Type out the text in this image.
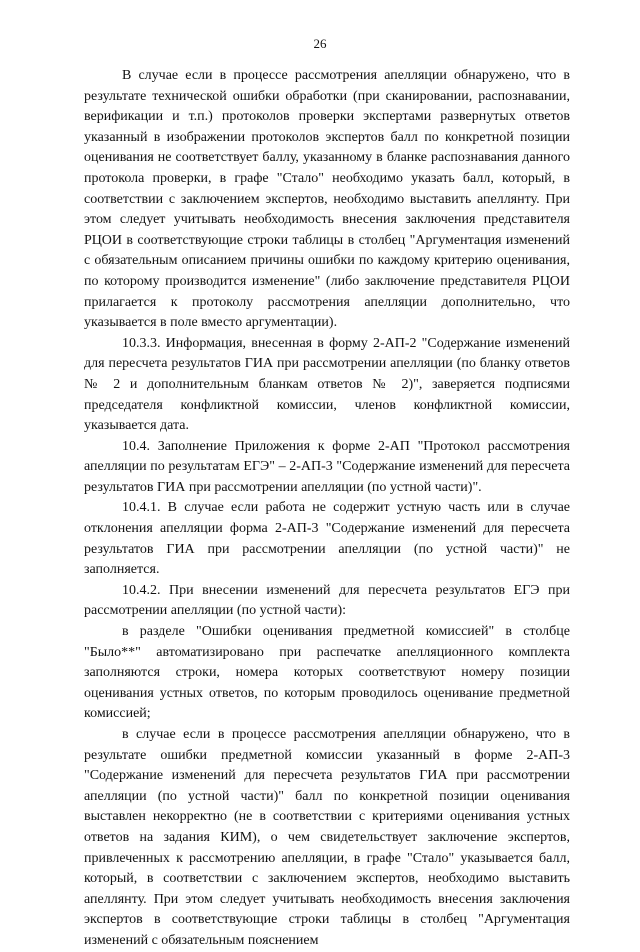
26

В случае если в процессе рассмотрения апелляции обнаружено, что в результате технической ошибки обработки (при сканировании, распознавании, верификации и т.п.) протоколов проверки экспертами развернутых ответов указанный в изображении протоколов экспертов балл по конкретной позиции оценивания не соответствует баллу, указанному в бланке распознавания данного протокола проверки, в графе "Стало" необходимо указать балл, который, в соответствии с заключением экспертов, необходимо выставить апеллянту. При этом следует учитывать необходимость внесения заключения представителя РЦОИ в соответствующие строки таблицы в столбец "Аргументация изменений с обязательным описанием причины ошибки по каждому критерию оценивания, по которому производится изменение" (либо заключение представителя РЦОИ прилагается к протоколу рассмотрения апелляции дополнительно, что указывается в поле вместо аргументации).

10.3.3. Информация, внесенная в форму 2-АП-2 "Содержание изменений для пересчета результатов ГИА при рассмотрении апелляции (по бланку ответов № 2 и дополнительным бланкам ответов № 2)", заверяется подписями председателя конфликтной комиссии, членов конфликтной комиссии, указывается дата.

10.4. Заполнение Приложения к форме 2-АП "Протокол рассмотрения апелляции по результатам ЕГЭ" – 2-АП-3 "Содержание изменений для пересчета результатов ГИА при рассмотрении апелляции (по устной части)".

10.4.1. В случае если работа не содержит устную часть или в случае отклонения апелляции форма 2-АП-3 "Содержание изменений для пересчета результатов ГИА при рассмотрении апелляции (по устной части)" не заполняется.

10.4.2. При внесении изменений для пересчета результатов ЕГЭ при рассмотрении апелляции (по устной части):

в разделе "Ошибки оценивания предметной комиссией" в столбце "Было**" автоматизировано при распечатке апелляционного комплекта заполняются строки, номера которых соответствуют номеру позиции оценивания устных ответов, по которым проводилось оценивание предметной комиссией;

в случае если в процессе рассмотрения апелляции обнаружено, что в результате ошибки предметной комиссии указанный в форме 2-АП-3 "Содержание изменений для пересчета результатов ГИА при рассмотрении апелляции (по устной части)" балл по конкретной позиции оценивания выставлен некорректно (не в соответствии с критериями оценивания устных ответов на задания КИМ), о чем свидетельствует заключение экспертов, привлеченных к рассмотрению апелляции, в графе "Стало" указывается балл, который, в соответствии с заключением экспертов, необходимо выставить апеллянту. При этом следует учитывать необходимость внесения заключения экспертов в соответствующие строки таблицы в столбец "Аргументация изменений с обязательным пояснением
